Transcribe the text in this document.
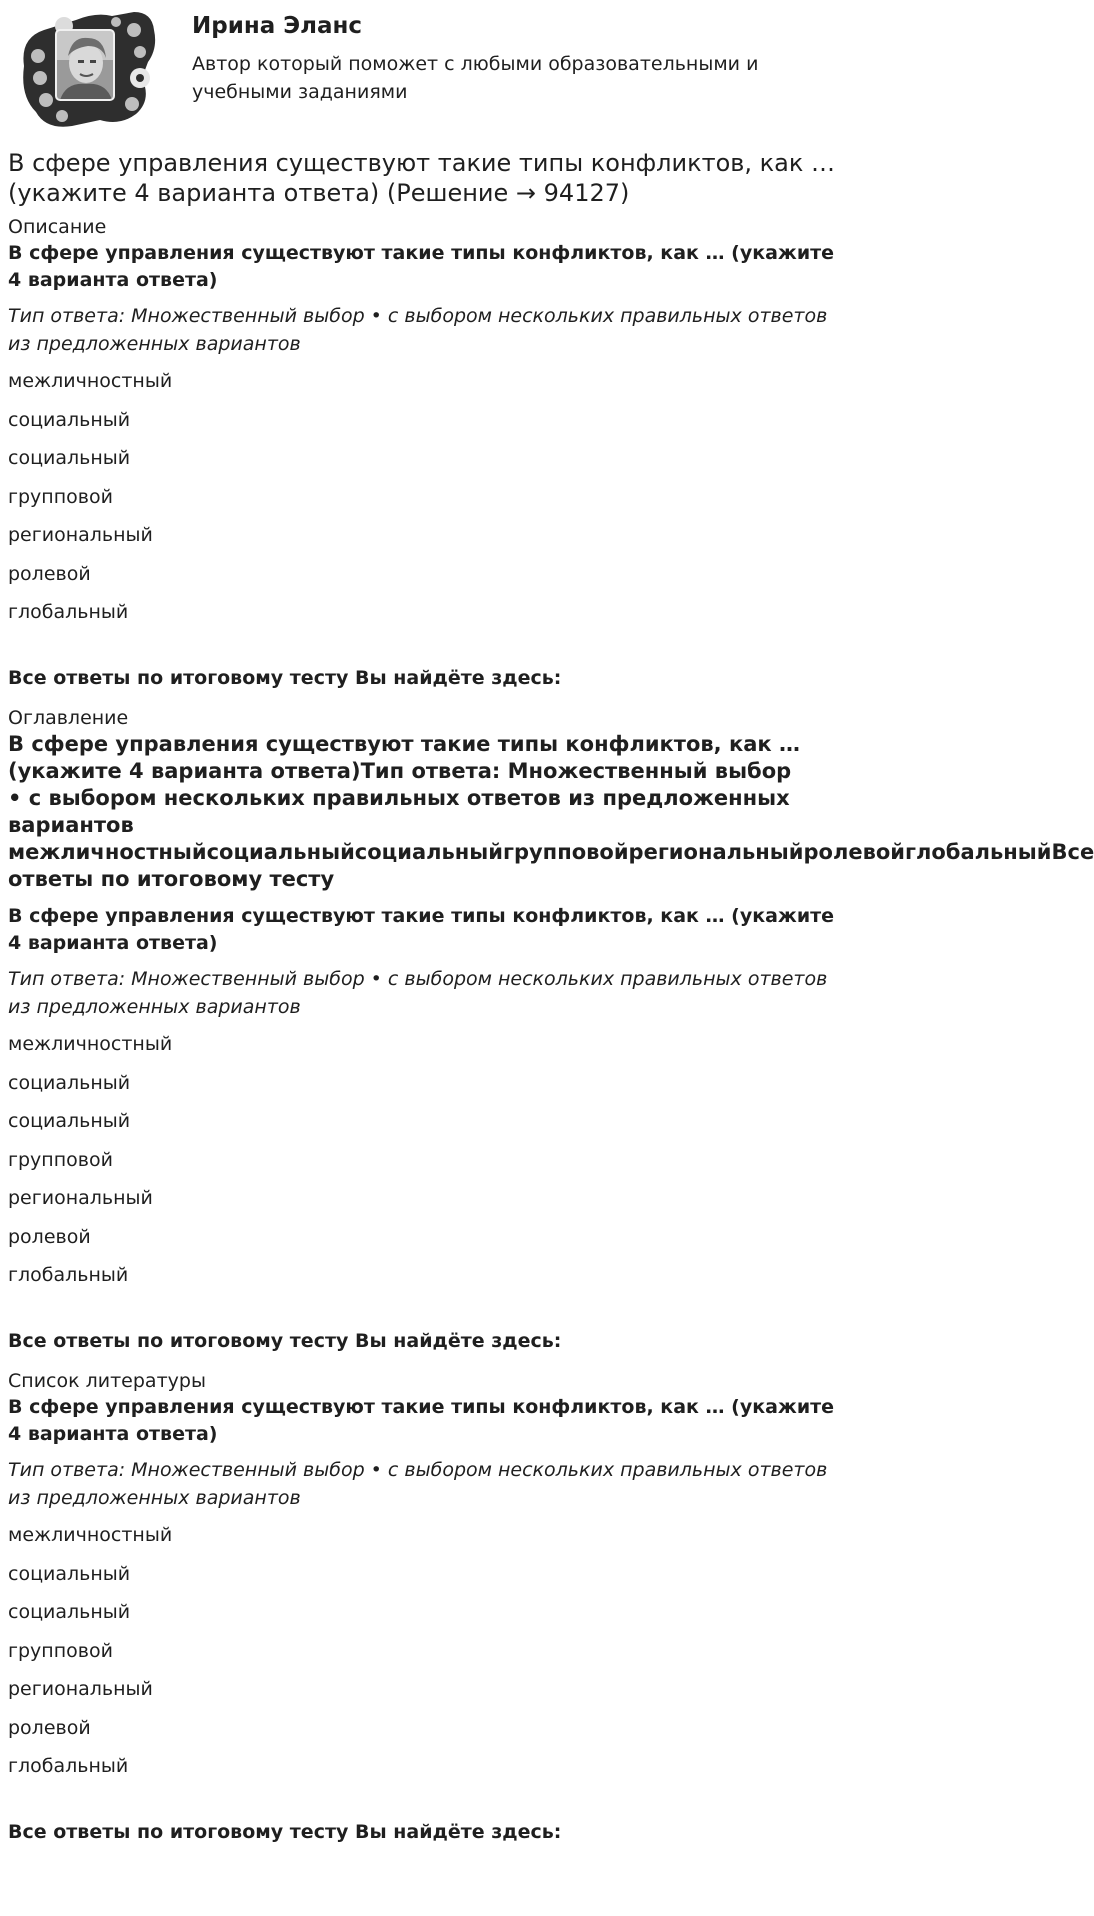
Ирина Эланс

Автор который поможет с любыми образовательными и учебными заданиями

В сфере управления существуют такие типы конфликтов, как … (укажите 4 варианта ответа) (Решение → 94127)

Описание

В сфере управления существуют такие типы конфликтов, как … (укажите 4 варианта ответа)

Тип ответа: Множественный выбор • с выбором нескольких правильных ответов из предложенных вариантов

межличностный
социальный
социальный
групповой
региональный
ролевой
глобальный

Все ответы по итоговому тесту Вы найдёте здесь:

Оглавление

В сфере управления существуют такие типы конфликтов, как …
(укажите 4 варианта ответа)Тип ответа: Множественный выбор
• с выбором нескольких правильных ответов из предложенных
вариантов
межличностныйсоциальныйсоциальныйгрупповойрегиональныйролевойглобальныйВсе
ответы по итоговому тесту

В сфере управления существуют такие типы конфликтов, как … (укажите 4 варианта ответа)

Тип ответа: Множественный выбор • с выбором нескольких правильных ответов из предложенных вариантов

межличностный
социальный
социальный
групповой
региональный
ролевой
глобальный

Все ответы по итоговому тесту Вы найдёте здесь:

Список литературы

В сфере управления существуют такие типы конфликтов, как … (укажите 4 варианта ответа)

Тип ответа: Множественный выбор • с выбором нескольких правильных ответов из предложенных вариантов

межличностный
социальный
социальный
групповой
региональный
ролевой
глобальный

Все ответы по итоговому тесту Вы найдёте здесь:
